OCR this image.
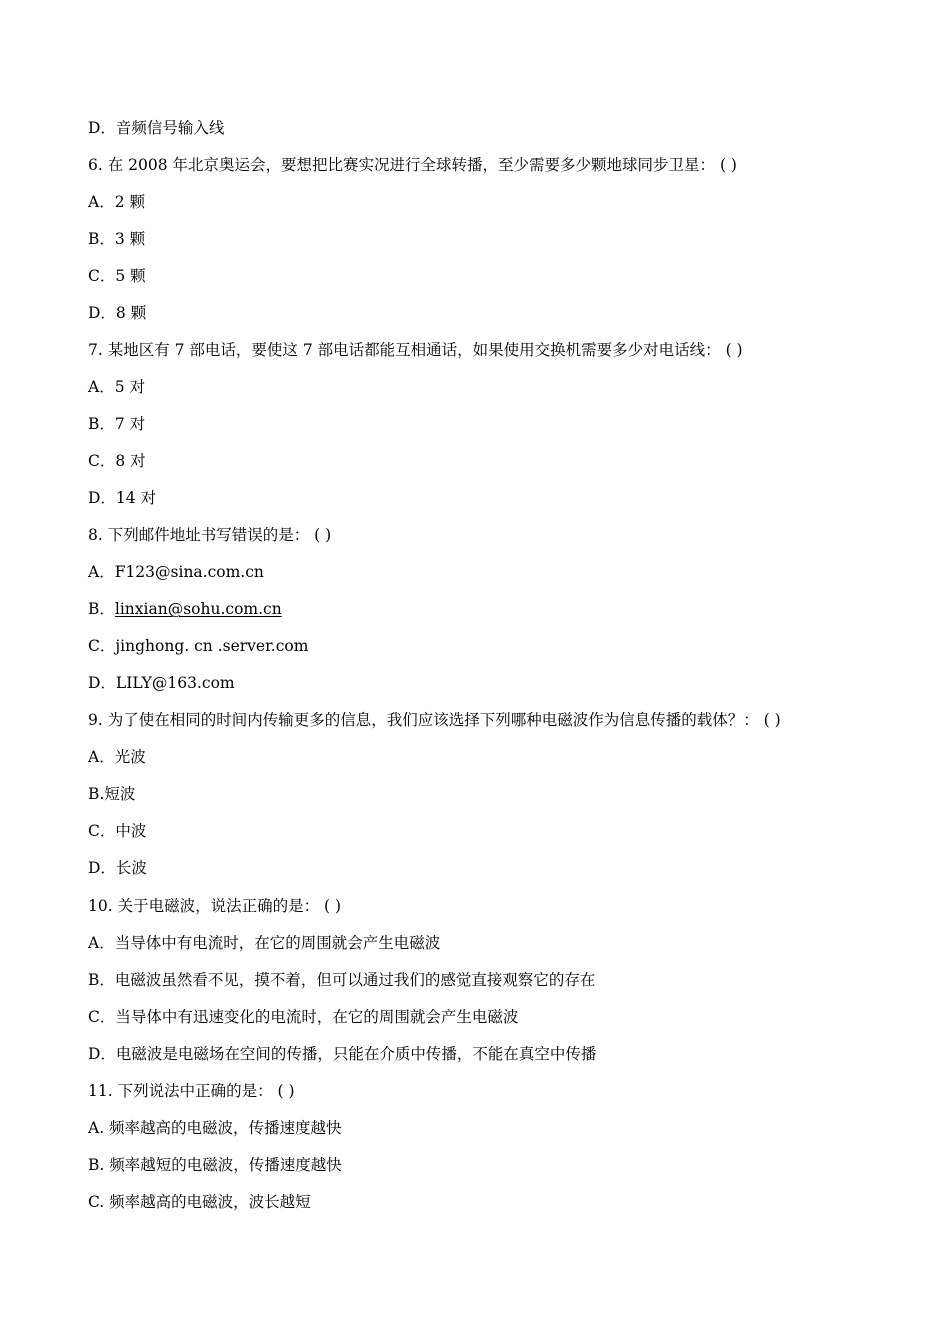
D．音频信号输入线
6. 在 2008 年北京奥运会，要想把比赛实况进行全球转播，至少需要多少颗地球同步卫星： ( )
A．2 颗
B．3 颗
C．5 颗
D．8 颗
7. 某地区有 7 部电话，要使这 7 部电话都能互相通话，如果使用交换机需要多少对电话线： ( )
A．5 对
B．7 对
C．8 对
D．14 对
8. 下列邮件地址书写错误的是： ( )
A．F123@sina.com.cn
B．linxian@sohu.com.cn
C．jinghong. cn .server.com
D．LILY@163.com
9. 为了使在相同的时间内传输更多的信息，我们应该选择下列哪种电磁波作为信息传播的载体？： ( )
A．光波
B.短波
C．中波
D．长波
10. 关于电磁波，说法正确的是： ( )
A．当导体中有电流时，在它的周围就会产生电磁波
B．电磁波虽然看不见，摸不着，但可以通过我们的感觉直接观察它的存在
C．当导体中有迅速变化的电流时，在它的周围就会产生电磁波
D．电磁波是电磁场在空间的传播，只能在介质中传播，不能在真空中传播
11. 下列说法中正确的是： ( )
A. 频率越高的电磁波，传播速度越快
B. 频率越短的电磁波，传播速度越快
C. 频率越高的电磁波，波长越短
